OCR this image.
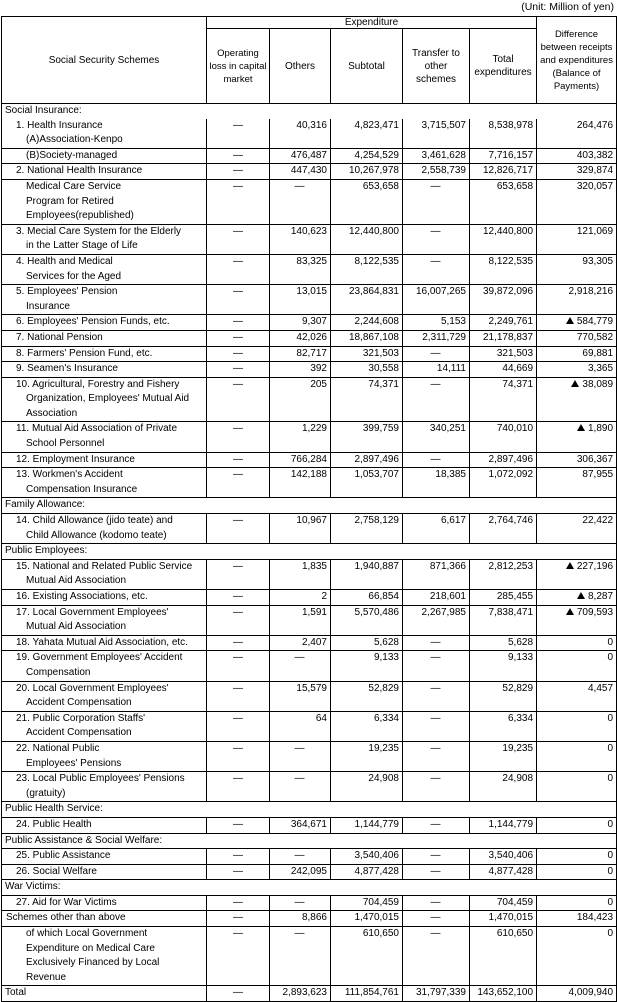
(Unit: Million of yen)
Social Security Schemes	Expenditure					Difference between receipts and expenditures (Balance of Payments)
	Operating loss in capital market	Others	Subtotal	Transfer to other schemes	Total expenditures	
Social Insurance:						

1. Health Insurance
(A)Association-Kenpo	—	40,316	4,823,471	3,715,507	8,538,978	264,476

(B)Society-managed	—	476,487	4,254,529	3,461,628	7,716,157	403,382

2. National Health Insurance	—	447,430	10,267,978	2,558,739	12,826,717	329,874

Medical Care Service
Program for Retired
Employees(republished)	—	—	653,658	—	653,658	320,057

3. Mecial Care System for the Elderly
in the Latter Stage of Life	—	140,623	12,440,800	—	12,440,800	121,069

4. Health and Medical
Services for the Aged	—	83,325	8,122,535	—	8,122,535	93,305

5. Employees' Pension
Insurance	—	13,015	23,864,831	16,007,265	39,872,096	2,918,216

6. Employees' Pension Funds, etc.	—	9,307	2,244,608	5,153	2,249,761	584,779

7. National Pension	—	42,026	18,867,108	2,311,729	21,178,837	770,582

8. Farmers' Pension Fund, etc.	—	82,717	321,503	—	321,503	69,881

9. Seamen's Insurance	—	392	30,558	14,111	44,669	3,365

10. Agricultural, Forestry and Fishery
Organization, Employees' Mutual Aid
Association	—	205	74,371	—	74,371	38,089

11. Mutual Aid Association of Private
School Personnel	—	1,229	399,759	340,251	740,010	1,890

12. Employment Insurance	—	766,284	2,897,496	—	2,897,496	306,367

13. Workmen's Accident
Compensation Insurance	—	142,188	1,053,707	18,385	1,072,092	87,955
Family Allowance:						

14. Child Allowance (jido teate) and
Child Allowance (kodomo teate)	—	10,967	2,758,129	6,617	2,764,746	22,422
Public Employees:						

15. National and Related Public Service
Mutual Aid Association	—	1,835	1,940,887	871,366	2,812,253	227,196

16. Existing Associations, etc.	—	2	66,854	218,601	285,455	8,287

17. Local Government Employees'
Mutual Aid Association	—	1,591	5,570,486	2,267,985	7,838,471	709,593

18. Yahata Mutual Aid Association, etc.	—	2,407	5,628	—	5,628	0

19. Government Employees' Accident
Compensation	—	—	9,133	—	9,133	0

20. Local Government Employees'
Accident Compensation	—	15,579	52,829	—	52,829	4,457

21. Public Corporation Staffs'
Accident Compensation	—	64	6,334	—	6,334	0

22. National Public
Employees' Pensions	—	—	19,235	—	19,235	0

23. Local Public Employees' Pensions
(gratuity)	—	—	24,908	—	24,908	0
Public Health Service:						

24. Public Health	—	364,671	1,144,779	—	1,144,779	0
Public Assistance & Social Welfare:						

25. Public Assistance	—	—	3,540,406	—	3,540,406	0

26. Social Welfare	—	242,095	4,877,428	—	4,877,428	0
War Victims:						

27. Aid for War Victims	—	—	704,459	—	704,459	0

Schemes other than above	—	8,866	1,470,015	—	1,470,015	184,423

of which Local Government
Expenditure on Medical Care
Exclusively Financed by Local
Revenue	—	—	610,650	—	610,650	0
Total	—	2,893,623	111,854,761	31,797,339	143,652,100	4,009,940
